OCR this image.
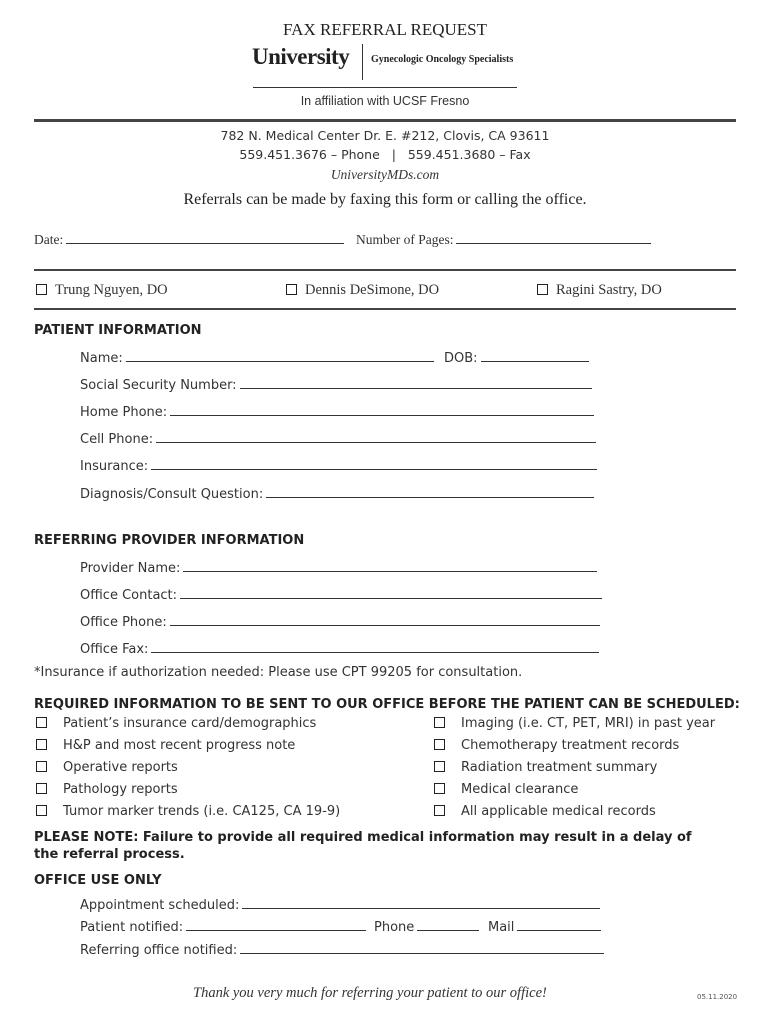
FAX REFERRAL REQUEST
University Gynecologic Oncology Specialists
In affiliation with UCSF Fresno
782 N. Medical Center Dr. E. #212, Clovis, CA 93611
559.451.3676 – Phone   |   559.451.3680 – Fax
UniversityMDs.com
Referrals can be made by faxing this form or calling the office.
Date:	Number of Pages:
Trung Nguyen, DO	Dennis DeSimone, DO	Ragini Sastry, DO
PATIENT INFORMATION
Name:	DOB:
Social Security Number:
Home Phone:
Cell Phone:
Insurance:
Diagnosis/Consult Question:
REFERRING PROVIDER INFORMATION
Provider Name:
Office Contact:
Office Phone:
Office Fax:
*Insurance if authorization needed: Please use CPT 99205 for consultation.
REQUIRED INFORMATION TO BE SENT TO OUR OFFICE BEFORE THE PATIENT CAN BE SCHEDULED:
Patient’s insurance card/demographics
H&P and most recent progress note
Operative reports
Pathology reports
Tumor marker trends (i.e. CA125, CA 19-9)
Imaging (i.e. CT, PET, MRI) in past year
Chemotherapy treatment records
Radiation treatment summary
Medical clearance
All applicable medical records
PLEASE NOTE: Failure to provide all required medical information may result in a delay of the referral process.
OFFICE USE ONLY
Appointment scheduled:
Patient notified:	Phone	Mail
Referring office notified:
Thank you very much for referring your patient to our office!	05.11.2020
